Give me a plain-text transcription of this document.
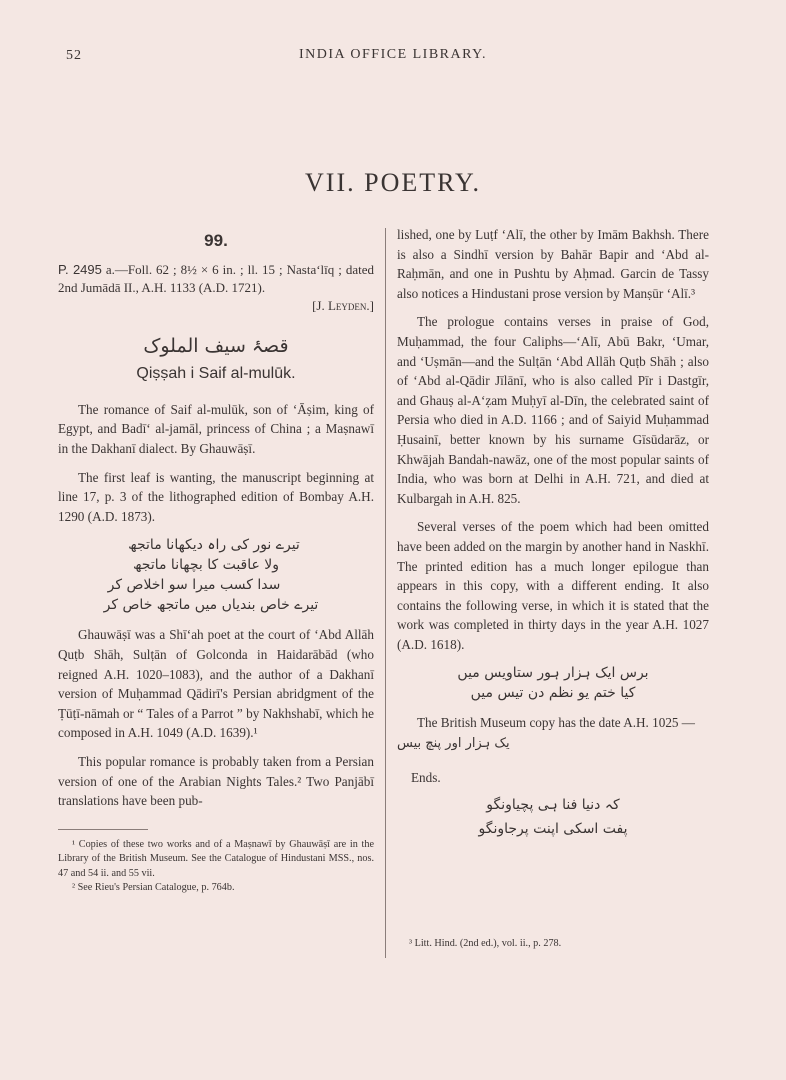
52	INDIA OFFICE LIBRARY.
VII. POETRY.
99.

P. 2495 a.—Foll. 62 ; 8½ × 6 in. ; ll. 15 ; Nasta‘līq ; dated 2nd Jumādā II., A.H. 1133 (A.D. 1721).

[J. Leyden.]
قصۂ سیف الملوک
Qiṣṣah i Saif al-mulūk.

The romance of Saif al-mulūk, son of ‘Āṣim, king of Egypt, and Badī‘ al-jamāl, princess of China ; a Maṣnawī in the Dakhanī dialect. By Ghauwāṣī.

The first leaf is wanting, the manuscript beginning at line 17, p. 3 of the lithographed edition of Bombay A.H. 1290 (A.D. 1873).

تیرے نور کی راہ دیکھانا ماتجھ
ولا عاقبت کا بچھانا ماتجھ
سدا کسب میرا سو اخلاص کر
تیرے خاص بندیاں میں ماتجھ خاص کر

Ghauwāṣī was a Shī‘ah poet at the court of ‘Abd Allāh Quṭb Shāh, Sulṭān of Golconda in Haidarābād (who reigned A.H. 1020–1083), and the author of a Dakhanī version of Muḥammad Qādirī's Persian abridgment of the Ṭūṭī-nāmah or “ Tales of a Parrot ” by Nakhshabī, which he composed in A.H. 1049 (A.D. 1639).¹

This popular romance is probably taken from a Persian version of one of the Arabian Nights Tales.² Two Panjābī translations have been pub-

¹ Copies of these two works and of a Maṣnawī by Ghauwāṣī are in the Library of the British Museum. See the Catalogue of Hindustani MSS., nos. 47 and 54 ii. and 55 vii.
² See Rieu's Persian Catalogue, p. 764b.

lished, one by Luṭf ‘Alī, the other by Imām Bakhsh. There is also a Sindhī version by Bahār Bapir and ‘Abd al-Raḥmān, and one in Pushtu by Aḥmad. Garcin de Tassy also notices a Hindustani prose version by Manṣūr ‘Alī.³

The prologue contains verses in praise of God, Muḥammad, the four Caliphs—‘Alī, Abū Bakr, ‘Umar, and ‘Uṣmān—and the Sulṭān ‘Abd Allāh Quṭb Shāh ; also of ‘Abd al-Qādir Jīlānī, who is also called Pīr i Dastgīr, and Ghauṣ al-A‘ẓam Muḥyī al-Dīn, the celebrated saint of Persia who died in A.D. 1166 ; and of Saiyid Muḥammad Ḥusainī, better known by his surname Gīsūdarāz, or Khwājah Bandah-nawāz, one of the most popular saints of India, who was born at Delhi in A.H. 721, and died at Kulbargah in A.H. 825.

Several verses of the poem which had been omitted have been added on the margin by another hand in Naskhī. The printed edition has a much longer epilogue than appears in this copy, with a different ending. It also contains the following verse, in which it is stated that the work was completed in thirty days in the year A.H. 1027 (A.D. 1618).

برس ایک ہزار ہور ستاویس میں
کیا ختم یو نظم دن تیس میں

The British Museum copy has the date A.H. 1025 — یک ہزار اور پنچ بیس

Ends.
کہ دنیا فنا ہی پچیاونگو
پفت اسکی اپنت پرجاونگو
³ Litt. Hind. (2nd ed.), vol. ii., p. 278.
